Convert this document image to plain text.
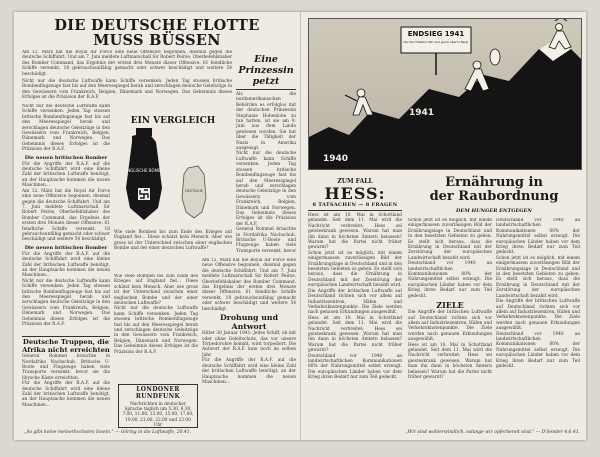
DIE DEUTSCHE FLOTTE
MUSS BÜSSEN

Am 12. März hat die Royal Air Force eine neue Offensive begonnen, diesmal gegen die deutsche Schiffahrt. Und am 7. Juni meldete Luftmarschall Sir Robert Peirse, Oberbefehlshaber des Bomber Command, das Ergebnis der ersten drei Monate dieser Offensive: 61 feindliche Schiffe versenkt, 18 gebrauchsunfähig gemacht oder schwer beschädigt und weitere 54 beschädigt.

Nicht nur die deutsche Luftwaffe kann Schiffe versenken. Jeden Tag stossen britische Bombenflugzeuge fast bis auf den Meeresspiegel herab und zerschlagen deutsche Geleitzüge in den Gewässern vom Frankreich, Belgien, Dänemark und Norwegen. Das Geheimnis dieses Erfolges ist die Präzision der R.A.F.

Eine Prinzessin petzt
Als die nordamerikanischen Behörden es erfolglos mit der deutschen Prinzessin Stephanie Hohenlohe zu tun hatten, ist sie am 9. Juni aus dem Lande gewiesen worden. Sie hat über die Tätigkeit der Nazis in Amerika ausgesagt.
Nicht nur die deutsche Luftwaffe kann Schiffe versenken. Jeden Tag stossen britische Bombenflugzeuge fast bis auf den Meeresspiegel herab und zerschlagen deutsche Geleitzüge in den Gewässern vom Frankreich, Belgien, Dänemark und Norwegen. Das Geheimnis dieses Erfolges ist die Präzision der R.A.F.
General Rommel brauchte in Nordafrika Nachschub. Britische U-Boote und Flugzeuge haben viele Transporte versenkt, bevor
EIN VERGLEICH
ENGLISCHE BOMBE
DEUTSCHE
Wie viele Bomben bis zum Ende des Krieges auf England fiel… Diese schätzt kein Mensch. Aber wie gross ist der Unterschied zwischen einer englischen Bombe und der einer deutschen Luftwaffe?
Nicht nur die deutsche Luftwaffe kann Schiffe versenken. Jeden Tag stossen britische Bombenflugzeuge fast bis auf den Meeresspiegel herab und zerschlagen deutsche Geleitzüge in den Gewässern vom Frankreich, Belgien, Dänemark und Norwegen. Das Geheimnis dieses Erfolges ist die Präzision der R.A.F.
Die neuen britischen Bomber
Für die Angriffe der R.A.F. auf die deutsche Schiffahrt wird eine kleine Zahl der britischen Luftwaffe benötigt, an der Hauptsache kommen die neuen Maschinen…
Am 12. März hat die Royal Air Force eine neue Offensive begonnen, diesmal gegen die deutsche Schiffahrt. Und am 7. Juni meldete Luftmarschall Sir Robert Peirse, Oberbefehlshaber des Bomber Command, das Ergebnis der ersten drei Monate dieser Offensive: 61 feindliche Schiffe versenkt, 18 gebrauchsunfähig gemacht oder schwer beschädigt und weitere 54 beschädigt.
Die neuen britischen Bomber
Für die Angriffe der R.A.F. auf die deutsche Schiffahrt wird eine kleine Zahl der britischen Luftwaffe benötigt, an der Hauptsache kommen die neuen Maschinen…
Nicht nur die deutsche Luftwaffe kann Schiffe versenken. Jeden Tag stossen britische Bombenflugzeuge fast bis auf den Meeresspiegel herab und zerschlagen deutsche Geleitzüge in den Gewässern vom Frankreich, Belgien, Dänemark und Norwegen. Das Geheimnis dieses Erfolges ist die Präzision der R.A.F.
Deutsche Truppen, die Afrika nicht erreichten
General Rommel brauchte in Nordafrika Nachschub. Britische U-Boote und Flugzeuge haben viele Transporte versenkt, bevor sie die libysche Küste erreichten.
Für die Angriffe der R.A.F. auf die deutsche Schiffahrt wird eine kleine Zahl der britischen Luftwaffe benötigt, an der Hauptsache kommen die neuen Maschinen…
LONDONER RUNDFUNK
Nachrichten in deutscher Sprache täglich um 5.30, 6.30, 7.00, 11.00, 13.00, 15.00, 17.00, 19.00, 21.00, 22.00 und 23.00 Uhr
Wie viele Bomben bis zum Ende des Krieges auf England fiel… Diese schätzt kein Mensch. Aber wie gross ist der Unterschied zwischen einer englischen Bombe und der einer deutschen Luftwaffe?
Nicht nur die deutsche Luftwaffe kann Schiffe versenken. Jeden Tag stossen britische Bombenflugzeuge fast bis auf den Meeresspiegel herab und zerschlagen deutsche Geleitzüge in den Gewässern vom Frankreich, Belgien, Dänemark und Norwegen. Das Geheimnis dieses Erfolges ist die Präzision der R.A.F.
Am 12. März hat die Royal Air Force eine neue Offensive begonnen, diesmal gegen die deutsche Schiffahrt. Und am 7. Juni meldete Luftmarschall Sir Robert Peirse, Oberbefehlshaber des Bomber Command, das Ergebnis der ersten drei Monate dieser Offensive: 61 feindliche Schiffe versenkt, 18 gebrauchsunfähig gemacht oder schwer beschädigt und weitere 54 beschädigt.
Drohung und Antwort
Hitler 30 Januar 1941: Jedes Schiff, ob mit oder ohne Geleitschutz, das vor unsere Torpedorohre kommt, wird torpediert. Die Antwort der R.A.F. kam noch im selben Jahr.
Für die Angriffe der R.A.F. auf die deutsche Schiffahrt wird eine kleine Zahl der britischen Luftwaffe benötigt, an der Hauptsache kommen die neuen Maschinen…
„So gibt keine meinerhochsten Insein." — Göring in die Luftwaffe, 20.41.
ENDSIEG 1941
Nur Durchhalten! Wir sind gleich über'm Berg!
1940
1941
1942
ZUM FALL
HESS:
8 TATSACHEN — 8 FRAGEN
Hess ist am 10. Mai in Schottland gelandet. Seit dem 11. Mai wird die Nachricht verbreitet: Hess sei geisteskrank gewesen. Warum hat man ihn dann in höchsten Ämtern belassen? Warum hat die Partei nicht früher gewarnt?
Schon jetzt ist es möglich, mit einem einigermassen zuverlässigen Bild der Ernährungslage in Deutschland und in den besetzten Gebieten zu geben. Es stellt sich heraus, dass die Ernährung in Deutschland mit der Zerstörung der europäischen Landwirtschaft bezahlt wird.
Die Angriffe der britischen Luftwaffe auf Deutschland richten sich vor allem auf Industriezentren, Häfen und Verkehrsknotenpunkte. Die Ziele werden nach genauen Erkundungen ausgewählt.
Hess ist am 10. Mai in Schottland gelandet. Seit dem 11. Mai wird die Nachricht verbreitet: Hess sei geisteskrank gewesen. Warum hat man ihn dann in höchsten Ämtern belassen? Warum hat die Partei nicht früher gewarnt?
Deutschland vor 1940 an landwirtschaftlichen Kommunikationen 80% der Nahrungsmittel selbst erzeugt. Die europäischen Länder haben vor dem Krieg ihren Bedarf nur zum Teil gedeckt.
Ernährung in
der Raubordnung
DEM HUNGER ENTGEGEN
Schon jetzt ist es möglich, mit einem einigermassen zuverlässigen Bild der Ernährungslage in Deutschland und in den besetzten Gebieten zu geben. Es stellt sich heraus, dass die Ernährung in Deutschland mit der Zerstörung der europäischen Landwirtschaft bezahlt wird.
Deutschland vor 1940 an landwirtschaftlichen Kommunikationen 80% der Nahrungsmittel selbst erzeugt. Die europäischen Länder haben vor dem Krieg ihren Bedarf nur zum Teil gedeckt.
ZIELE
Die Angriffe der britischen Luftwaffe auf Deutschland richten sich vor allem auf Industriezentren, Häfen und Verkehrsknotenpunkte. Die Ziele werden nach genauen Erkundungen ausgewählt.
Hess ist am 10. Mai in Schottland gelandet. Seit dem 11. Mai wird die Nachricht verbreitet: Hess sei geisteskrank gewesen. Warum hat man ihn dann in höchsten Ämtern belassen? Warum hat die Partei nicht früher gewarnt?
Deutschland vor 1940 an landwirtschaftlichen Kommunikationen 80% der Nahrungsmittel selbst erzeugt. Die europäischen Länder haben vor dem Krieg ihren Bedarf nur zum Teil gedeckt.
Schon jetzt ist es möglich, mit einem einigermassen zuverlässigen Bild der Ernährungslage in Deutschland und in den besetzten Gebieten zu geben. Es stellt sich heraus, dass die Ernährung in Deutschland mit der Zerstörung der europäischen Landwirtschaft bezahlt wird.
Die Angriffe der britischen Luftwaffe auf Deutschland richten sich vor allem auf Industriezentren, Häfen und Verkehrsknotenpunkte. Die Ziele werden nach genauen Erkundungen ausgewählt.
Deutschland vor 1940 an landwirtschaftlichen Kommunikationen 80% der Nahrungsmittel selbst erzeugt. Die europäischen Länder haben vor dem Krieg ihren Bedarf nur zum Teil gedeckt.
„Wir sind wohlerwindlich, solange wir opferbereit sind." — D'Sender 4.6.41.
